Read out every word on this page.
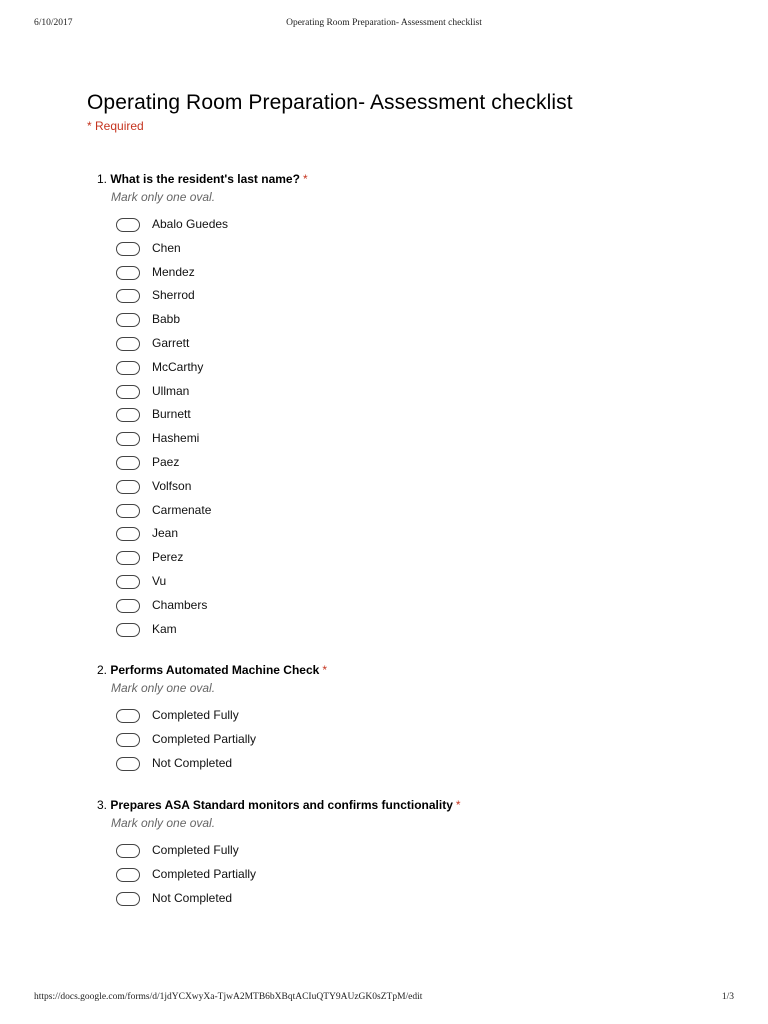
6/10/2017	Operating Room Preparation- Assessment checklist
Operating Room Preparation- Assessment checklist
* Required
1. What is the resident's last name? *
Mark only one oval.
Abalo Guedes
Chen
Mendez
Sherrod
Babb
Garrett
McCarthy
Ullman
Burnett
Hashemi
Paez
Volfson
Carmenate
Jean
Perez
Vu
Chambers
Kam
2. Performs Automated Machine Check *
Mark only one oval.
Completed Fully
Completed Partially
Not Completed
3. Prepares ASA Standard monitors and confirms functionality *
Mark only one oval.
Completed Fully
Completed Partially
Not Completed
https://docs.google.com/forms/d/1jdYCXwyXa-TjwA2MTB6bXBqtACIuQTY9AUzGK0sZTpM/edit	1/3
